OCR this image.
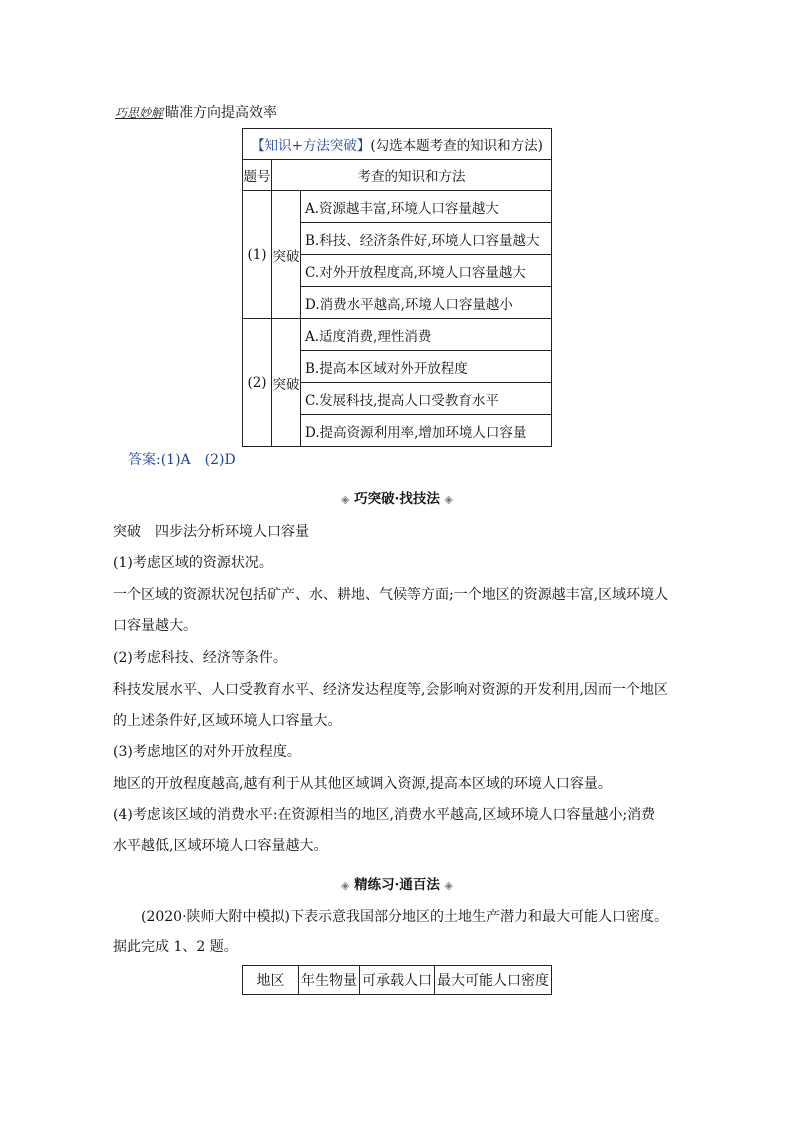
巧思妙解 瞄准方向提高效率
【知识+方法突破】(勾选本题考查的知识和方法)		
题号	考查的知识和方法	
(1)	突破	A.资源越丰富,环境人口容量越大
		B.科技、经济条件好,环境人口容量越大
		C.对外开放程度高,环境人口容量越大
		D.消费水平越高,环境人口容量越小
(2)	突破	A.适度消费,理性消费
		B.提高本区域对外开放程度
		C.发展科技,提高人口受教育水平
		D.提高资源利用率,增加环境人口容量
答案:(1)A　(2)D
◈ 巧突破·找技法 ◈
突破　四步法分析环境人口容量
(1)考虑区域的资源状况。
一个区域的资源状况包括矿产、水、耕地、气候等方面;一个地区的资源越丰富,区域环境人
口容量越大。
(2)考虑科技、经济等条件。
科技发展水平、人口受教育水平、经济发达程度等,会影响对资源的开发利用,因而一个地区
的上述条件好,区域环境人口容量大。
(3)考虑地区的对外开放程度。
地区的开放程度越高,越有利于从其他区域调入资源,提高本区域的环境人口容量。
(4)考虑该区域的消费水平:在资源相当的地区,消费水平越高,区域环境人口容量越小;消费
水平越低,区域环境人口容量越大。
◈ 精练习·通百法 ◈
(2020·陕师大附中模拟)下表示意我国部分地区的土地生产潜力和最大可能人口密度。
据此完成 1、2 题。
地区	年生物量	可承载人口	最大可能人口密度
